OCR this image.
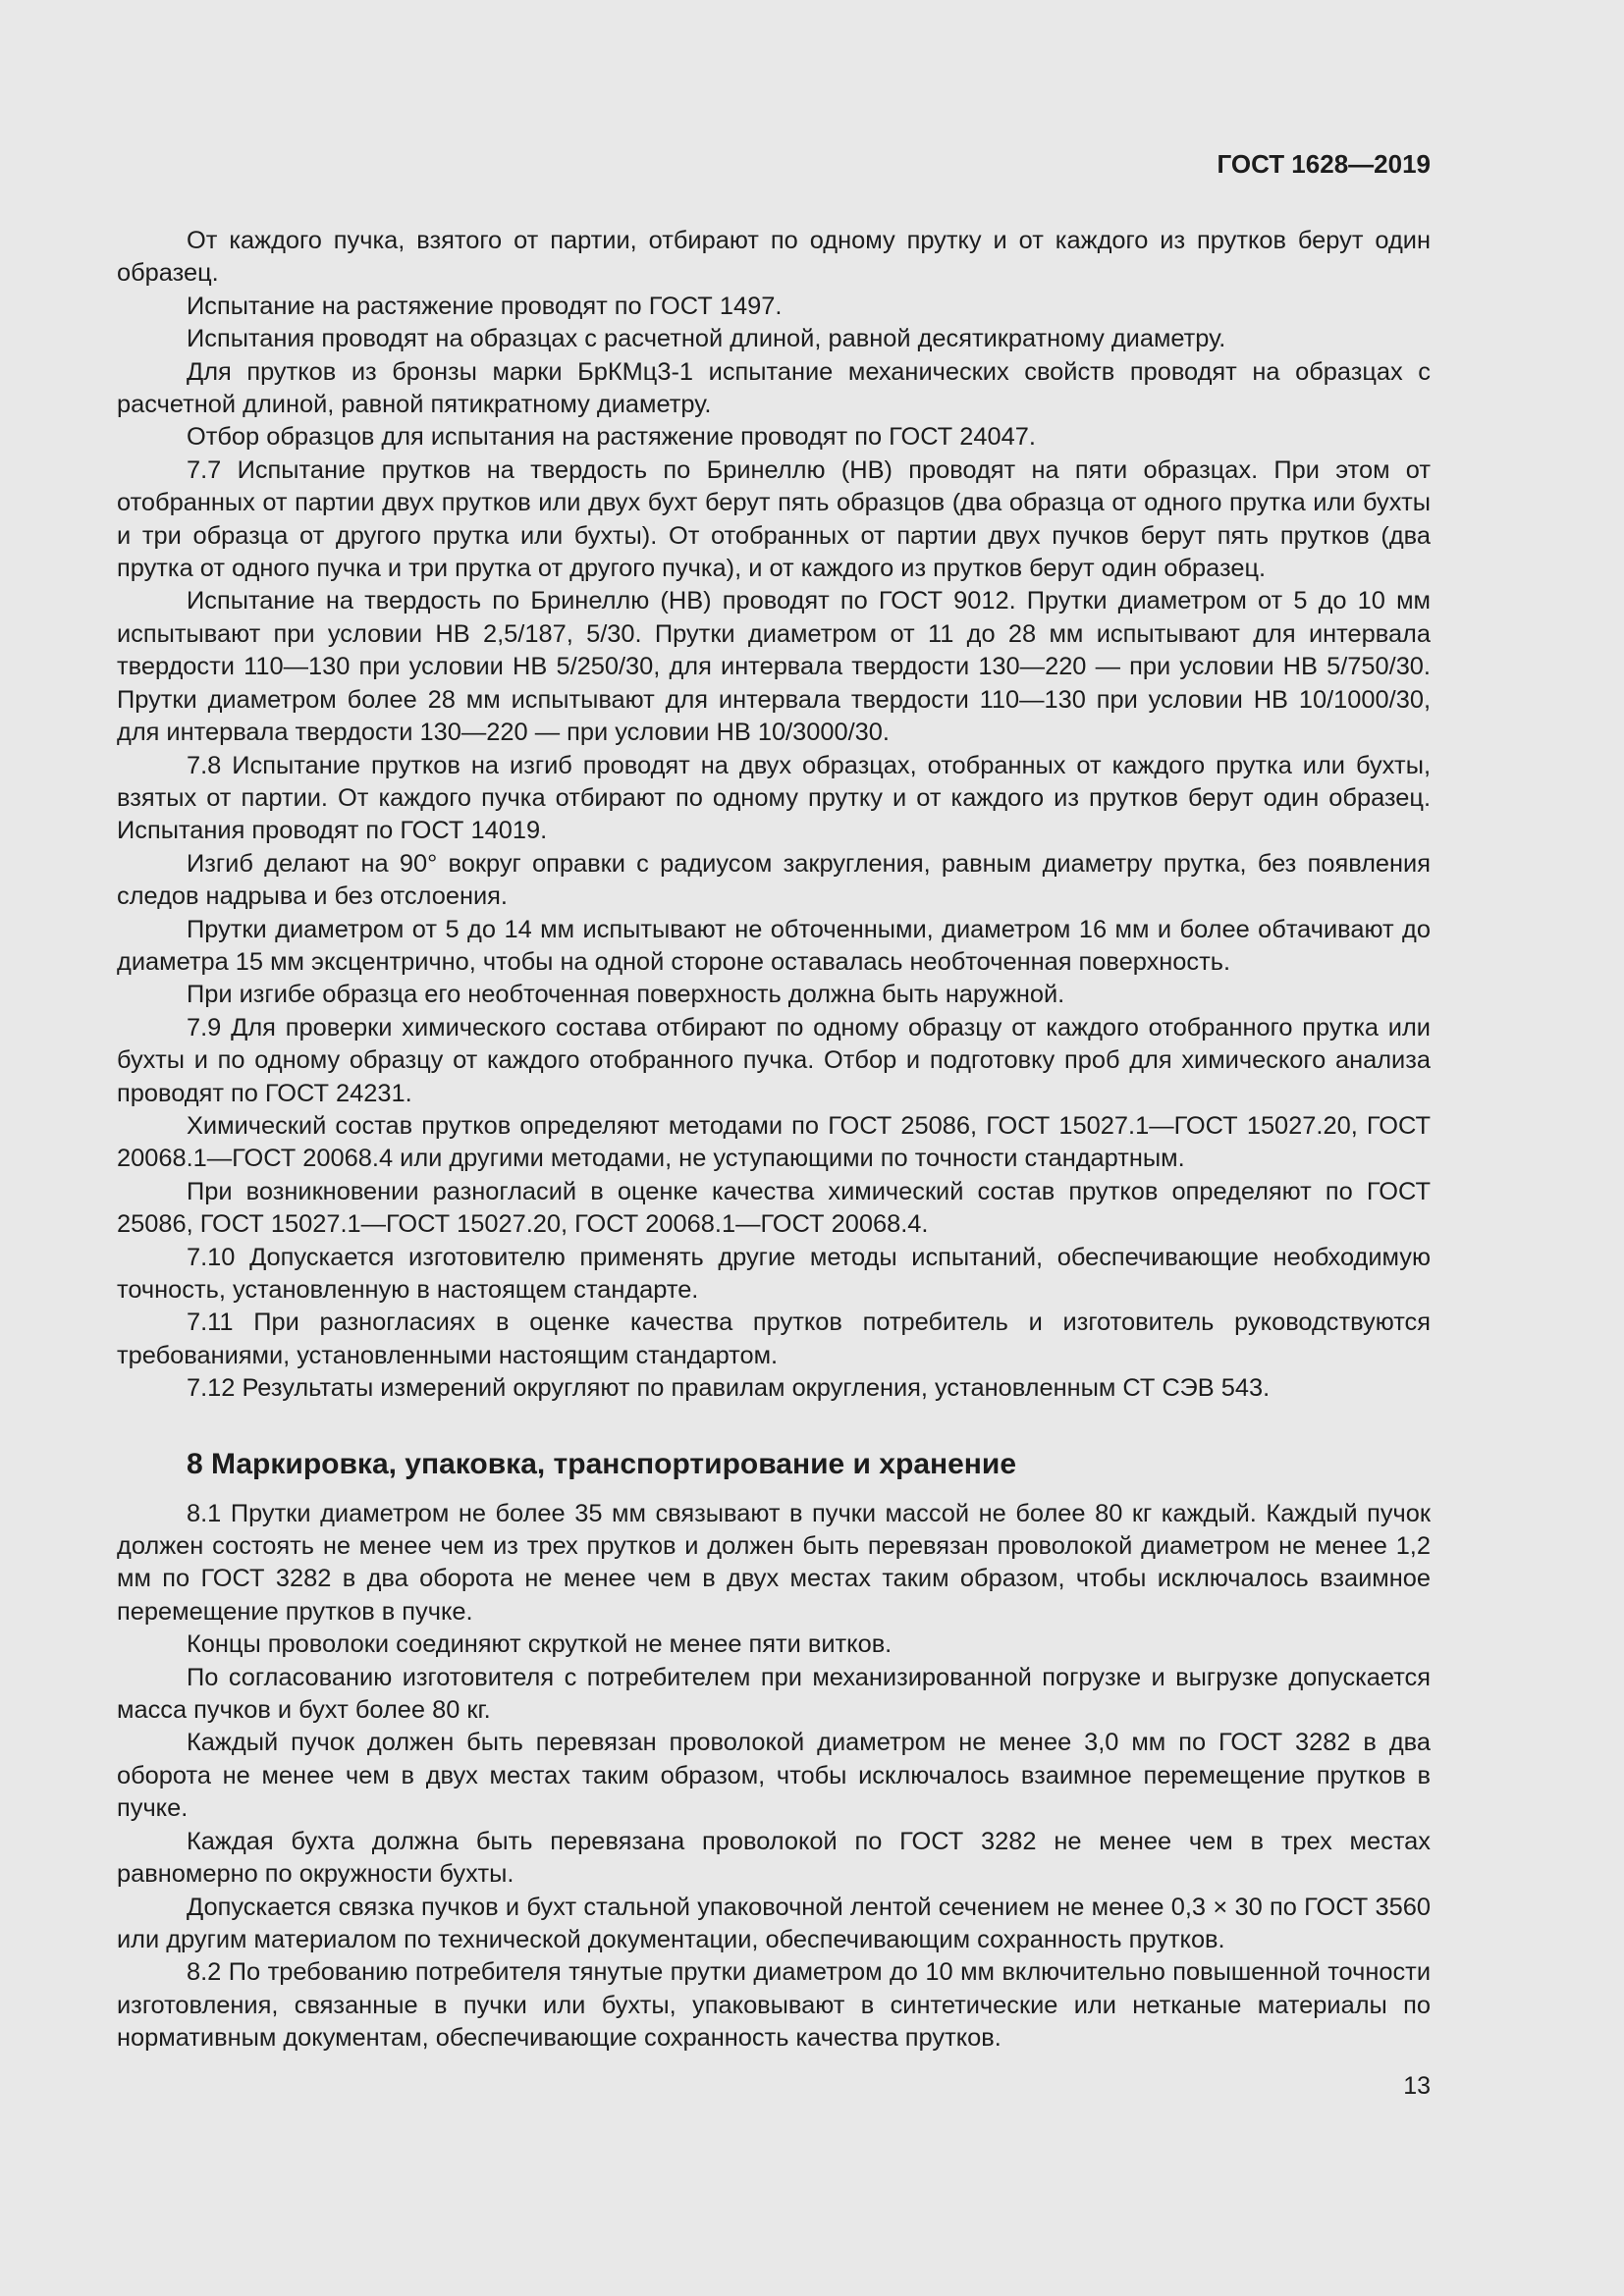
ГОСТ 1628—2019

От каждого пучка, взятого от партии, отбирают по одному прутку и от каждого из прутков берут один образец.

Испытание на растяжение проводят по ГОСТ 1497.

Испытания проводят на образцах с расчетной длиной, равной десятикратному диаметру.

Для прутков из бронзы марки БрКМц3-1 испытание механических свойств проводят на образцах с расчетной длиной, равной пятикратному диаметру.

Отбор образцов для испытания на растяжение проводят по ГОСТ 24047.

7.7 Испытание прутков на твердость по Бринеллю (НВ) проводят на пяти образцах. При этом от отобранных от партии двух прутков или двух бухт берут пять образцов (два образца от одного прутка или бухты и три образца от другого прутка или бухты). От отобранных от партии двух пучков берут пять прутков (два прутка от одного пучка и три прутка от другого пучка), и от каждого из прутков берут один образец.

Испытание на твердость по Бринеллю (НВ) проводят по ГОСТ 9012. Прутки диаметром от 5 до 10 мм испытывают при условии НВ 2,5/187, 5/30. Прутки диаметром от 11 до 28 мм испытывают для интервала твердости 110—130 при условии НВ 5/250/30, для интервала твердости 130—220 — при условии НВ 5/750/30. Прутки диаметром более 28 мм испытывают для интервала твердости 110—130 при условии НВ 10/1000/30, для интервала твердости 130—220 — при условии НВ 10/3000/30.

7.8 Испытание прутков на изгиб проводят на двух образцах, отобранных от каждого прутка или бухты, взятых от партии. От каждого пучка отбирают по одному прутку и от каждого из прутков берут один образец. Испытания проводят по ГОСТ 14019.

Изгиб делают на 90° вокруг оправки с радиусом закругления, равным диаметру прутка, без появления следов надрыва и без отслоения.

Прутки диаметром от 5 до 14 мм испытывают не обточенными, диаметром 16 мм и более обтачивают до диаметра 15 мм эксцентрично, чтобы на одной стороне оставалась необточенная поверхность.

При изгибе образца его необточенная поверхность должна быть наружной.

7.9 Для проверки химического состава отбирают по одному образцу от каждого отобранного прутка или бухты и по одному образцу от каждого отобранного пучка. Отбор и подготовку проб для химического анализа проводят по ГОСТ 24231.

Химический состав прутков определяют методами по ГОСТ 25086, ГОСТ 15027.1—ГОСТ 15027.20, ГОСТ 20068.1—ГОСТ 20068.4 или другими методами, не уступающими по точности стандартным.

При возникновении разногласий в оценке качества химический состав прутков определяют по ГОСТ 25086, ГОСТ 15027.1—ГОСТ 15027.20, ГОСТ 20068.1—ГОСТ 20068.4.

7.10 Допускается изготовителю применять другие методы испытаний, обеспечивающие необходимую точность, установленную в настоящем стандарте.

7.11 При разногласиях в оценке качества прутков потребитель и изготовитель руководствуются требованиями, установленными настоящим стандартом.

7.12 Результаты измерений округляют по правилам округления, установленным СТ СЭВ 543.

8 Маркировка, упаковка, транспортирование и хранение

8.1 Прутки диаметром не более 35 мм связывают в пучки массой не более 80 кг каждый. Каждый пучок должен состоять не менее чем из трех прутков и должен быть перевязан проволокой диаметром не менее 1,2 мм по ГОСТ 3282 в два оборота не менее чем в двух местах таким образом, чтобы исключалось взаимное перемещение прутков в пучке.

Концы проволоки соединяют скруткой не менее пяти витков.

По согласованию изготовителя с потребителем при механизированной погрузке и выгрузке допускается масса пучков и бухт более 80 кг.

Каждый пучок должен быть перевязан проволокой диаметром не менее 3,0 мм по ГОСТ 3282 в два оборота не менее чем в двух местах таким образом, чтобы исключалось взаимное перемещение прутков в пучке.

Каждая бухта должна быть перевязана проволокой по ГОСТ 3282 не менее чем в трех местах равномерно по окружности бухты.

Допускается связка пучков и бухт стальной упаковочной лентой сечением не менее 0,3 × 30 по ГОСТ 3560 или другим материалом по технической документации, обеспечивающим сохранность прутков.

8.2 По требованию потребителя тянутые прутки диаметром до 10 мм включительно повышенной точности изготовления, связанные в пучки или бухты, упаковывают в синтетические или нетканые материалы по нормативным документам, обеспечивающие сохранность качества прутков.

13
